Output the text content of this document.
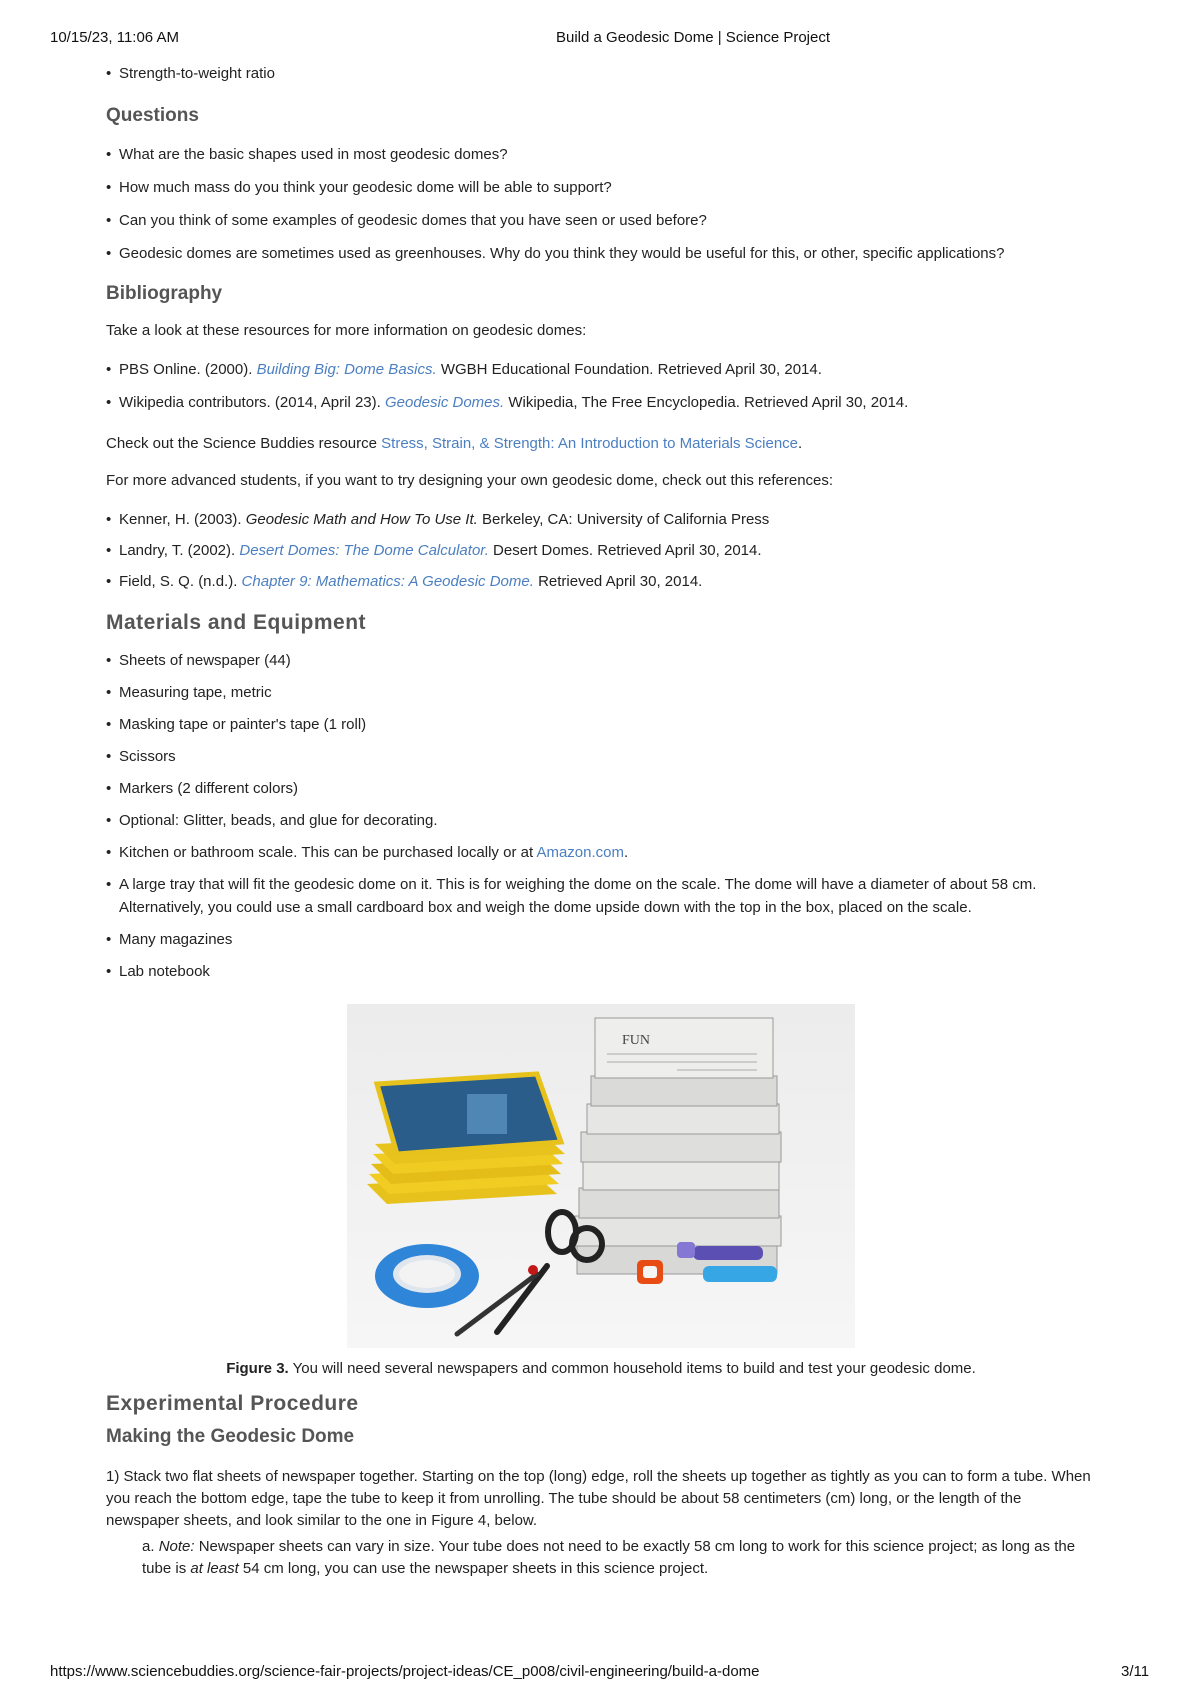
10/15/23, 11:06 AM	Build a Geodesic Dome | Science Project
• Strength-to-weight ratio
Questions
• What are the basic shapes used in most geodesic domes?
• How much mass do you think your geodesic dome will be able to support?
• Can you think of some examples of geodesic domes that you have seen or used before?
• Geodesic domes are sometimes used as greenhouses. Why do you think they would be useful for this, or other, specific applications?
Bibliography

Take a look at these resources for more information on geodesic domes:

• PBS Online. (2000). Building Big: Dome Basics. WGBH Educational Foundation. Retrieved April 30, 2014.
• Wikipedia contributors. (2014, April 23). Geodesic Domes. Wikipedia, The Free Encyclopedia. Retrieved April 30, 2014.

Check out the Science Buddies resource Stress, Strain, & Strength: An Introduction to Materials Science.

For more advanced students, if you want to try designing your own geodesic dome, check out this references:

• Kenner, H. (2003). Geodesic Math and How To Use It. Berkeley, CA: University of California Press
• Landry, T. (2002). Desert Domes: The Dome Calculator. Desert Domes. Retrieved April 30, 2014.
• Field, S. Q. (n.d.). Chapter 9: Mathematics: A Geodesic Dome. Retrieved April 30, 2014.
Materials and Equipment
• Sheets of newspaper (44)
• Measuring tape, metric
• Masking tape or painter's tape (1 roll)
• Scissors
• Markers (2 different colors)
• Optional: Glitter, beads, and glue for decorating.
• Kitchen or bathroom scale. This can be purchased locally or at Amazon.com.
• A large tray that will fit the geodesic dome on it. This is for weighing the dome on the scale. The dome will have a diameter of about 58 cm. Alternatively, you could use a small cardboard box and weigh the dome upside down with the top in the box, placed on the scale.
• Many magazines
• Lab notebook
FUN
Figure 3. You will need several newspapers and common household items to build and test your geodesic dome.
Experimental Procedure
Making the Geodesic Dome

1) Stack two flat sheets of newspaper together. Starting on the top (long) edge, roll the sheets up together as tightly as you can to form a tube. When you reach the bottom edge, tape the tube to keep it from unrolling. The tube should be about 58 centimeters (cm) long, or the length of the newspaper sheets, and look similar to the one in Figure 4, below.

a. Note: Newspaper sheets can vary in size. Your tube does not need to be exactly 58 cm long to work for this science project; as long as the tube is at least 54 cm long, you can use the newspaper sheets in this science project.

https://www.sciencebuddies.org/science-fair-projects/project-ideas/CE_p008/civil-engineering/build-a-dome	3/11
